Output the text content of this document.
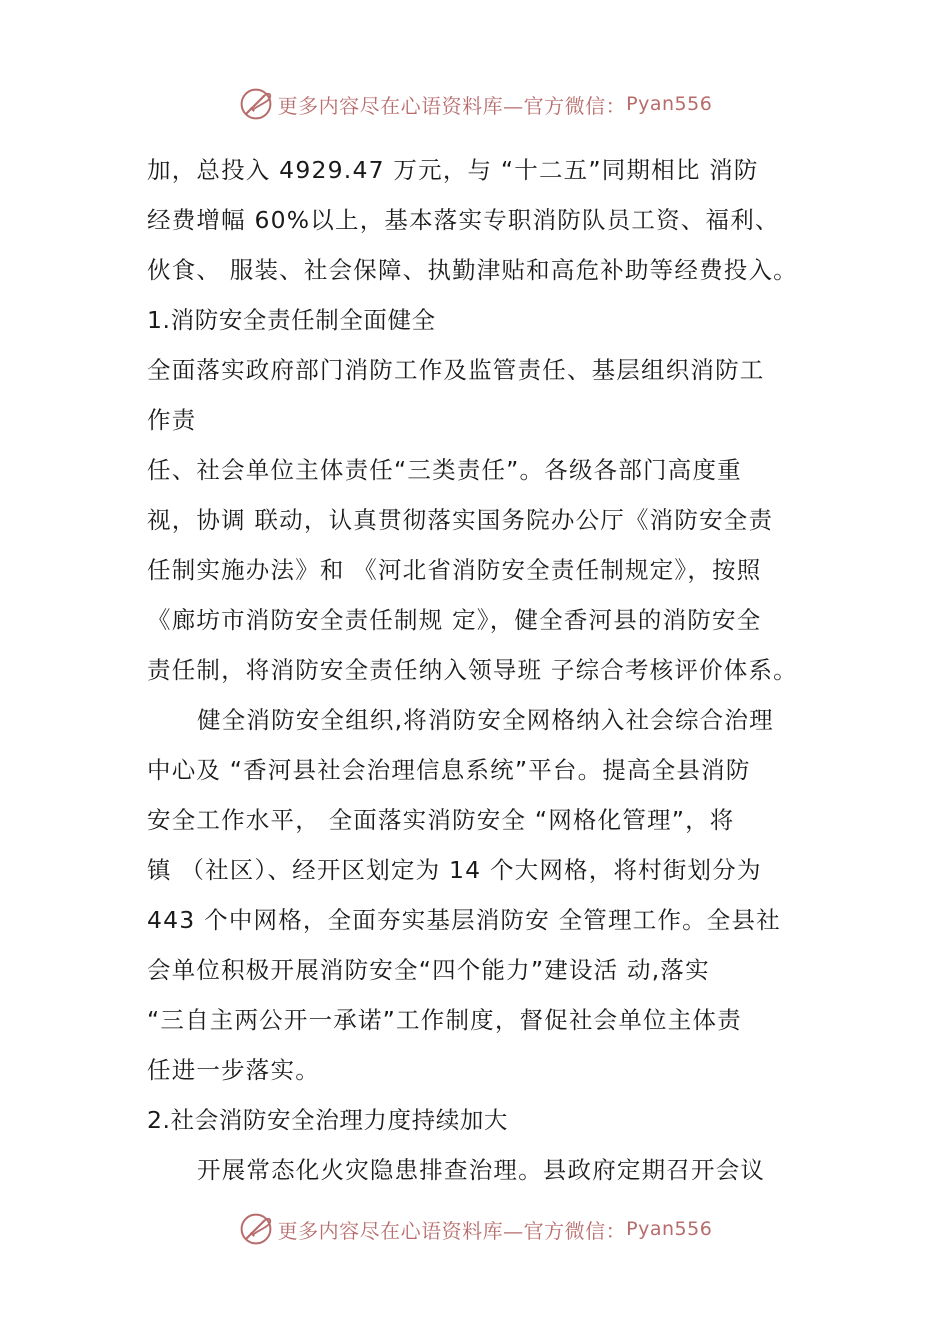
更多内容尽在心语资料库—官方微信： Pyan556
加，总投入 4929.47 万元，与 “十二五”同期相比 消防
经费增幅 60%以上，基本落实专职消防队员工资、福利、
伙食、 服装、社会保障、执勤津贴和高危补助等经费投入。
1.消防安全责任制全面健全
全面落实政府部门消防工作及监管责任、基层组织消防工
作责
任、社会单位主体责任“三类责任”。各级各部门高度重
视，协调 联动，认真贯彻落实国务院办公厅《消防安全责
任制实施办法》和 《河北省消防安全责任制规定》，按照
《廊坊市消防安全责任制规 定》，健全香河县的消防安全
责任制，将消防安全责任纳入领导班 子综合考核评价体系。
健全消防安全组织,将消防安全网格纳入社会综合治理
中心及 “香河县社会治理信息系统”平台。提高全县消防
安全工作水平， 全面落实消防安全 “网格化管理”，将
镇 （社区）、经开区划定为 14 个大网格，将村街划分为
443 个中网格，全面夯实基层消防安 全管理工作。全县社
会单位积极开展消防安全“四个能力”建设活 动,落实
“三自主两公开一承诺”工作制度，督促社会单位主体责
任进一步落实。
2.社会消防安全治理力度持续加大
开展常态化火灾隐患排查治理。县政府定期召开会议
更多内容尽在心语资料库—官方微信： Pyan556
